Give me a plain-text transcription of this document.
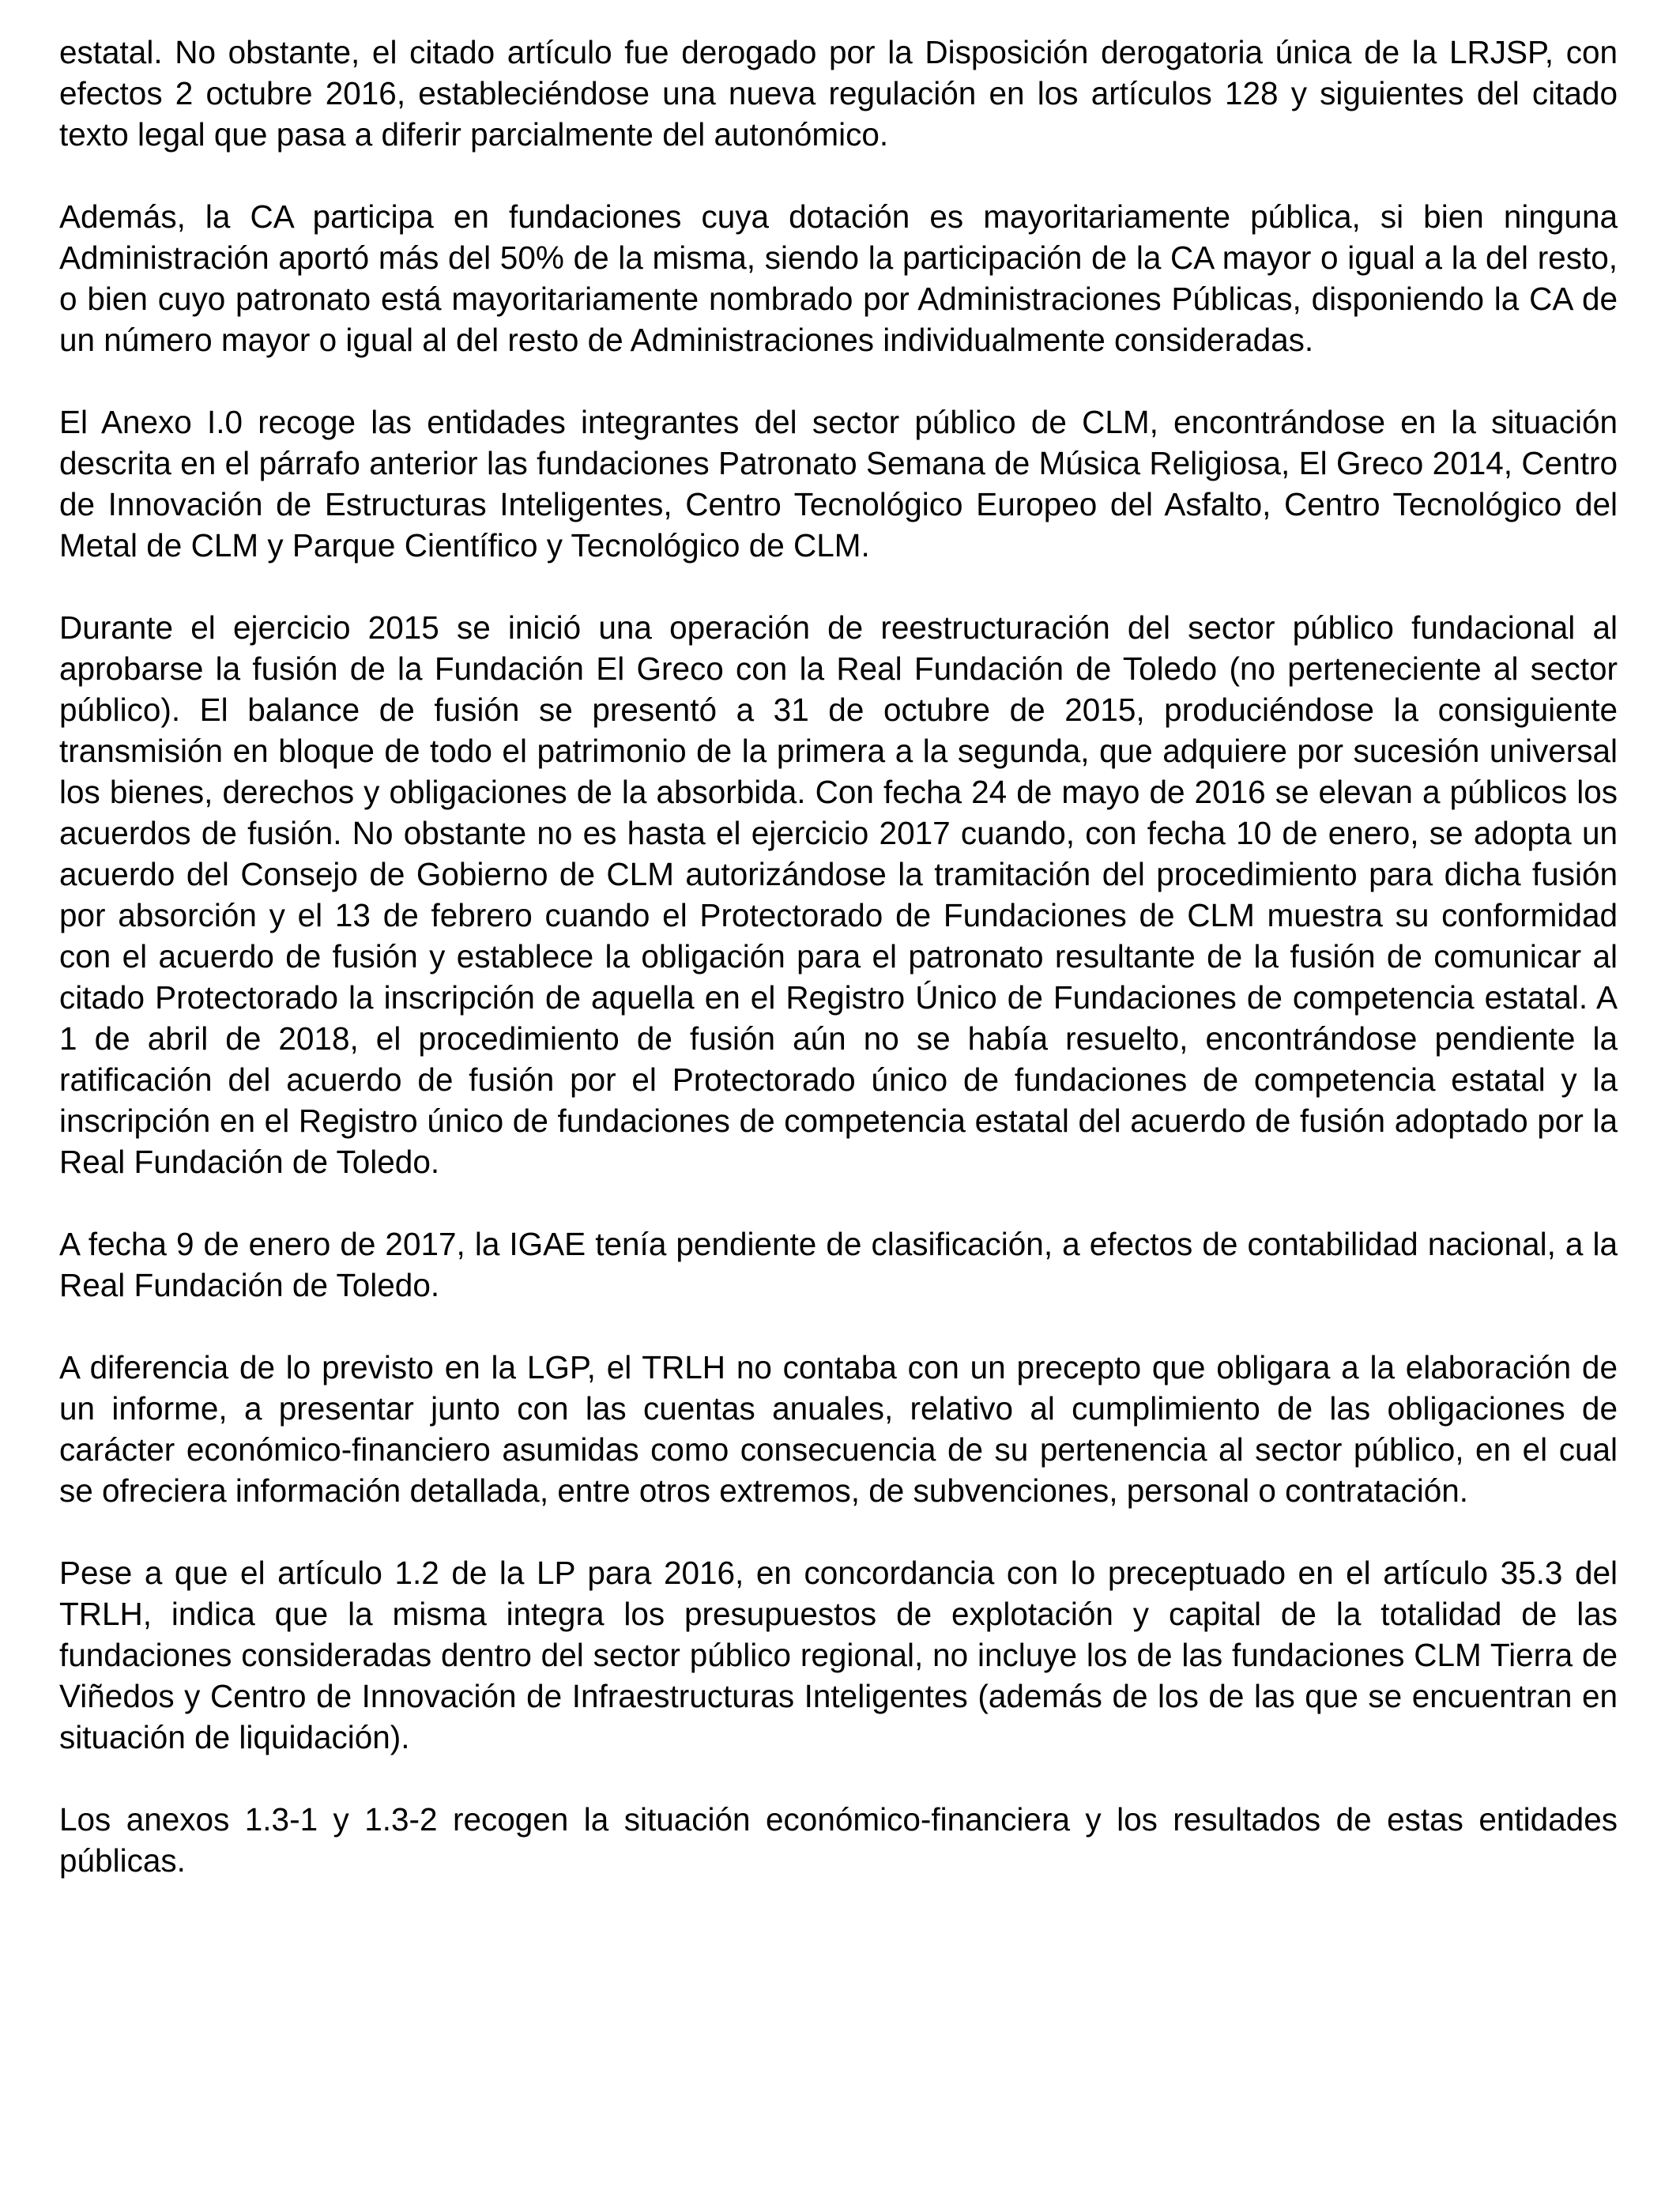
estatal. No obstante, el citado artículo fue derogado por la Disposición derogatoria única de la LRJSP, con efectos 2 octubre 2016, estableciéndose una nueva regulación en los artículos 128 y siguientes del citado texto legal que pasa a diferir parcialmente del autonómico.

Además, la CA participa en fundaciones cuya dotación es mayoritariamente pública, si bien ninguna Administración aportó más del 50% de la misma, siendo la participación de la CA mayor o igual a la del resto, o bien cuyo patronato está mayoritariamente nombrado por Administraciones Públicas, disponiendo la CA de un número mayor o igual al del resto de Administraciones individualmente consideradas.

El Anexo I.0 recoge las entidades integrantes del sector público de CLM, encontrándose en la situación descrita en el párrafo anterior las fundaciones Patronato Semana de Música Religiosa, El Greco 2014, Centro de Innovación de Estructuras Inteligentes, Centro Tecnológico Europeo del Asfalto, Centro Tecnológico del Metal de CLM y Parque Científico y Tecnológico de CLM.

Durante el ejercicio 2015 se inició una operación de reestructuración del sector público fundacional al aprobarse la fusión de la Fundación El Greco con la Real Fundación de Toledo (no perteneciente al sector público). El balance de fusión se presentó a 31 de octubre de 2015, produciéndose la consiguiente transmisión en bloque de todo el patrimonio de la primera a la segunda, que adquiere por sucesión universal los bienes, derechos y obligaciones de la absorbida. Con fecha 24 de mayo de 2016 se elevan a públicos los acuerdos de fusión. No obstante no es hasta el ejercicio 2017 cuando, con fecha 10 de enero, se adopta un acuerdo del Consejo de Gobierno de CLM autorizándose la tramitación del procedimiento para dicha fusión por absorción y el 13 de febrero cuando el Protectorado de Fundaciones de CLM muestra su conformidad con el acuerdo de fusión y establece la obligación para el patronato resultante de la fusión de comunicar al citado Protectorado la inscripción de aquella en el Registro Único de Fundaciones de competencia estatal. A 1 de abril de 2018, el procedimiento de fusión aún no se había resuelto, encontrándose pendiente la ratificación del acuerdo de fusión por el Protectorado único de fundaciones de competencia estatal y la inscripción en el Registro único de fundaciones de competencia estatal del acuerdo de fusión adoptado por la Real Fundación de Toledo.

A fecha 9 de enero de 2017, la IGAE tenía pendiente de clasificación, a efectos de contabilidad nacional, a la Real Fundación de Toledo.

A diferencia de lo previsto en la LGP, el TRLH no contaba con un precepto que obligara a la elaboración de un informe, a presentar junto con las cuentas anuales, relativo al cumplimiento de las obligaciones de carácter económico-financiero asumidas como consecuencia de su pertenencia al sector público, en el cual se ofreciera información detallada, entre otros extremos, de subvenciones, personal o contratación.

Pese a que el artículo 1.2 de la LP para 2016, en concordancia con lo preceptuado en el artículo 35.3 del TRLH, indica que la misma integra los presupuestos de explotación y capital de la totalidad de las fundaciones consideradas dentro del sector público regional, no incluye los de las fundaciones CLM Tierra de Viñedos y Centro de Innovación de Infraestructuras Inteligentes (además de los de las que se encuentran en situación de liquidación).

Los anexos 1.3-1 y 1.3-2 recogen la situación económico-financiera y los resultados de estas entidades públicas.
